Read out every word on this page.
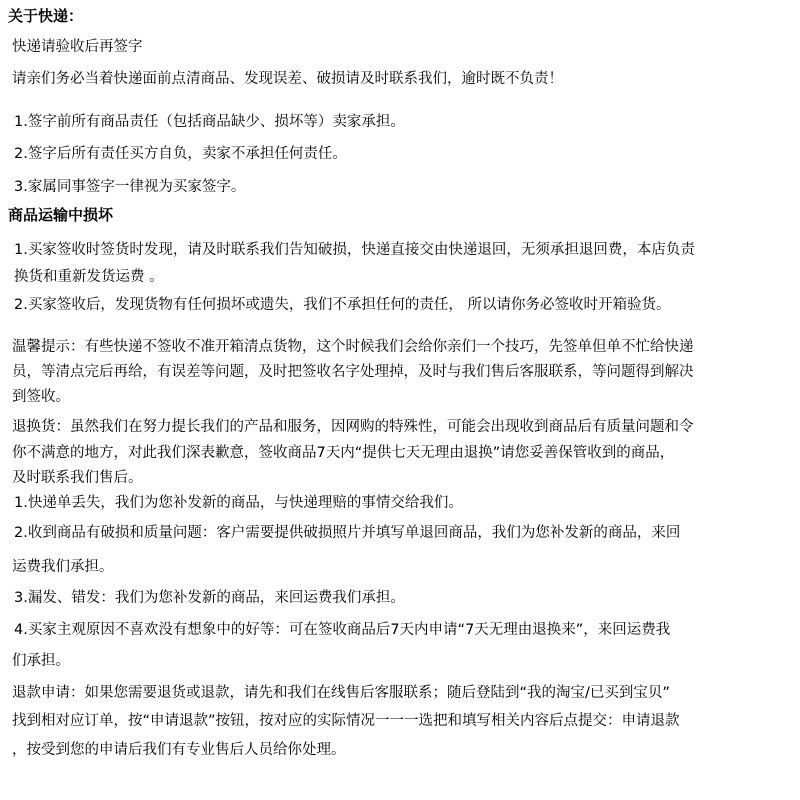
关于快递：
快递请验收后再签字
请亲们务必当着快递面前点清商品、发现误差、破损请及时联系我们，逾时既不负责！
1.签字前所有商品责任（包括商品缺少、损坏等）卖家承担。
2.签字后所有责任买方自负，卖家不承担任何责任。
3.家属同事签字一律视为买家签字。
商品运输中损坏
1.买家签收时签货时发现，请及时联系我们告知破损，快递直接交由快递退回，无须承担退回费，本店负责
换货和重新发货运费 。
2.买家签收后，发现货物有任何损坏或遗失，我们不承担任何的责任， 所以请你务必签收时开箱验货。
温馨提示：有些快递不签收不准开箱清点货物，这个时候我们会给你亲们一个技巧，先签单但单不忙给快递
员，等清点完后再给，有误差等问题，及时把签收名字处理掉，及时与我们售后客服联系，等问题得到解决
到签收。
退换货：虽然我们在努力提长我们的产品和服务，因网购的特殊性，可能会出现收到商品后有质量问题和令
你不满意的地方，对此我们深表歉意，签收商品7天内“提供七天无理由退换”请您妥善保管收到的商品，
及时联系我们售后。
1.快递单丢失，我们为您补发新的商品，与快递理赔的事情交给我们。
2.收到商品有破损和质量问题：客户需要提供破损照片并填写单退回商品，我们为您补发新的商品，来回
运费我们承担。
3.漏发、错发：我们为您补发新的商品，来回运费我们承担。
4.买家主观原因不喜欢没有想象中的好等：可在签收商品后7天内申请“7天无理由退换来”，来回运费我
们承担。
退款申请：如果您需要退货或退款，请先和我们在线售后客服联系；随后登陆到“我的淘宝/已买到宝贝”
找到相对应订单，按“申请退款”按钮，按对应的实际情况一一一选把和填写相关内容后点提交：申请退款
，按受到您的申请后我们有专业售后人员给你处理。
